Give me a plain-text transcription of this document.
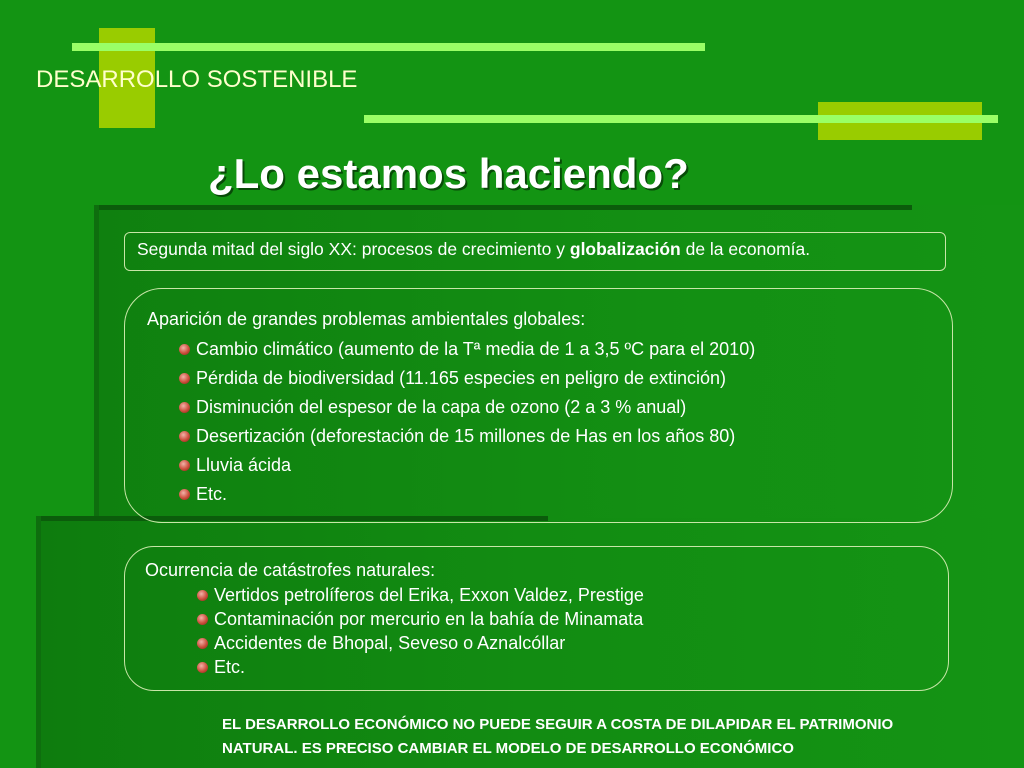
DESARROLLO SOSTENIBLE
¿Lo estamos haciendo?
Segunda mitad del siglo XX: procesos de crecimiento y globalización de la economía.
Aparición de grandes problemas ambientales globales:
Cambio climático (aumento de la Tª media de 1 a 3,5 ºC para el 2010)
Pérdida de biodiversidad (11.165 especies en peligro de extinción)
Disminución del espesor de la capa de ozono (2 a 3 % anual)
Desertización (deforestación de 15 millones de Has en los años 80)
Lluvia ácida
Etc.
Ocurrencia de catástrofes naturales:
Vertidos petrolíferos del Erika, Exxon Valdez, Prestige
Contaminación por mercurio en la bahía de Minamata
Accidentes de Bhopal, Seveso o Aznalcóllar
Etc.
EL DESARROLLO ECONÓMICO NO PUEDE SEGUIR A COSTA DE DILAPIDAR EL PATRIMONIO
NATURAL. ES PRECISO CAMBIAR EL MODELO DE DESARROLLO ECONÓMICO
